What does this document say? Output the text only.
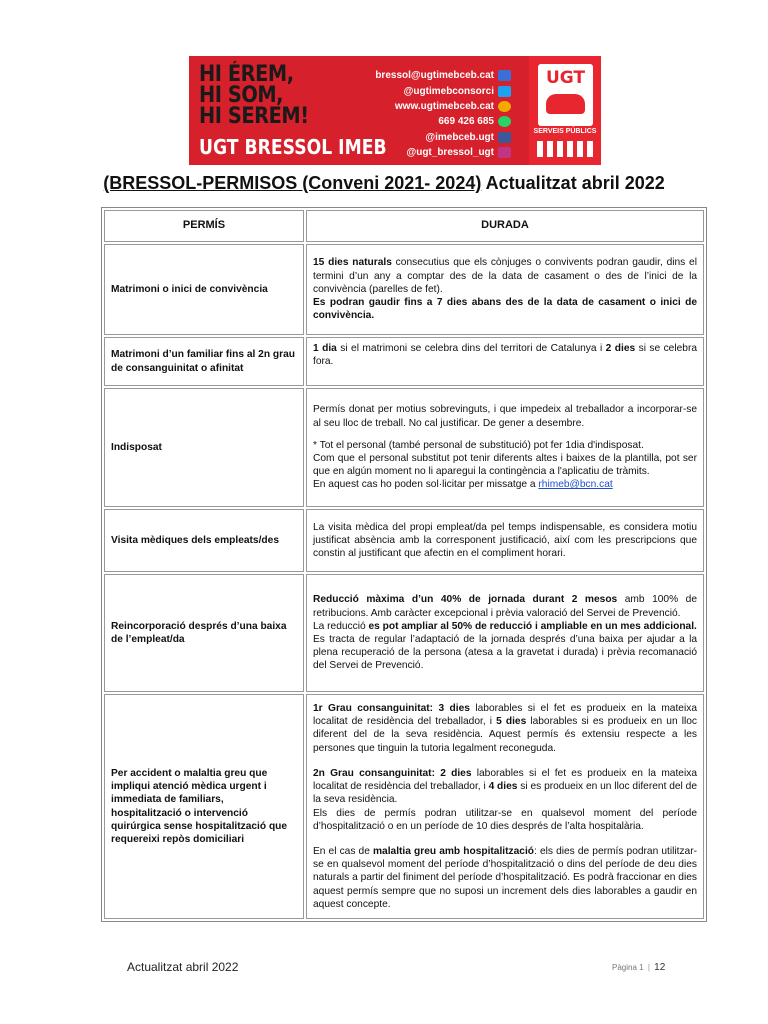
HI ÉREM,
HI SOM,
HI SEREM!
UGT BRESSOL IMEB
bressol@ugtimebceb.cat
@ugtimebconsorci
www.ugtimebceb.cat
669 426 685
@imebceb.ugt
@ugt_bressol_ugt
UGT
SERVEIS PÚBLICS
(BRESSOL-PERMISOS (Conveni 2021- 2024) Actualitzat abril 2022
PERMÍS	DURADA
Matrimoni o inici de convivència	15 dies naturals consecutius que els cònjuges o convivents podran gaudir, dins el termini d’un any a comptar des de la data de casament o des de l’inici de la convivència (parelles de fet).

Es podran gaudir fins a 7 dies abans des de la data de casament o inici de convivència.

Matrimoni d’un familiar fins al 2n grau de consanguinitat o afinitat	1 dia si el matrimoni se celebra dins del territori de Catalunya i 2 dies si se celebra fora.

Indisposat	Permís donat per motius sobrevinguts, i que impedeix al treballador a incorporar-se al seu lloc de treball. No cal justificar. De gener a desembre.

* Tot el personal (també personal de substitució) pot fer 1dia d'indisposat.

Com que el personal substitut pot tenir diferents altes i baixes de la plantilla, pot ser que en algún moment no li aparegui la contingència a l'aplicatiu de tràmits.

En aquest cas ho poden sol·licitar per missatge a rhimeb@bcn.cat

Visita mèdiques dels empleats/des	La visita mèdica del propi empleat/da pel temps indispensable, es considera motiu justificat absència amb la corresponent justificació, així com les prescripcions que constin al justificant que afectin en el compliment horari.

Reincorporació després d’una baixa de l’empleat/da	Reducció màxima d’un 40% de jornada durant 2 mesos amb 100% de retribucions. Amb caràcter excepcional i prèvia valoració del Servei de Prevenció.

La reducció es pot ampliar al 50% de reducció i ampliable en un mes addicional.

Es tracta de regular l’adaptació de la jornada després d’una baixa per ajudar a la plena recuperació de la persona (atesa a la gravetat i durada) i prèvia recomanació del Servei de Prevenció.

Per accident o malaltia greu que impliqui atenció mèdica urgent i immediata de familiars, hospitalització o intervenció quirúrgica sense hospitalització que requereixi repòs domiciliari	1r Grau consanguinitat: 3 dies laborables si el fet es produeix en la mateixa localitat de residència del treballador, i 5 dies laborables si es produeix en un lloc diferent del de la seva residència. Aquest permís és extensiu respecte a les persones que tinguin la tutoria legalment reconeguda.

2n Grau consanguinitat: 2 dies laborables si el fet es produeix en la mateixa localitat de residència del treballador, i 4 dies si es produeix en un lloc diferent del de la seva residència.

Els dies de permís podran utilitzar-se en qualsevol moment del període d’hospitalització o en un període de 10 dies després de l’alta hospitalària.

En el cas de malaltia greu amb hospitalització: els dies de permís podran utilitzar-se en qualsevol moment del període d’hospitalització o dins del període de deu dies naturals a partir del finiment del període d’hospitalització. Es podrà fraccionar en dies aquest permís sempre que no suposi un increment dels dies laborables a gaudir en aquest concepte.

Actualitzat abril 2022	Pàgina 1 | 12
